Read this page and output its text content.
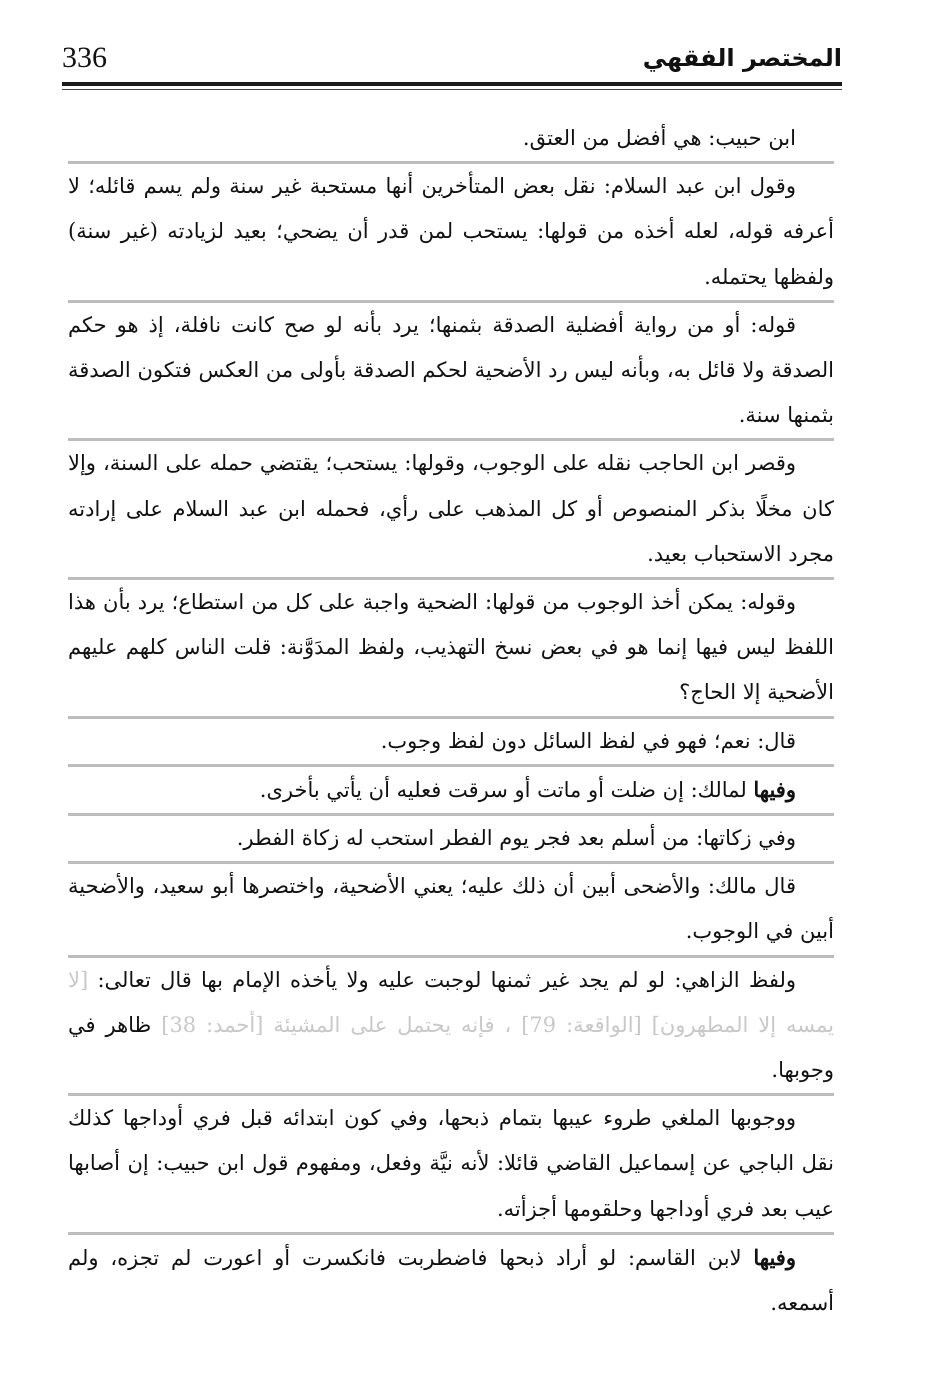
336	المختصر الفقهي

ابن حبيب: هي أفضل من العتق.

وقول ابن عبد السلام: نقل بعض المتأخرين أنها مستحبة غير سنة ولم يسم قائله؛ لا أعرفه قوله، لعله أخذه من قولها: يستحب لمن قدر أن يضحي؛ بعيد لزيادته (غير سنة) ولفظها يحتمله.

قوله: أو من رواية أفضلية الصدقة بثمنها؛ يرد بأنه لو صح كانت نافلة، إذ هو حكم الصدقة ولا قائل به، وبأنه ليس رد الأضحية لحكم الصدقة بأولى من العكس فتكون الصدقة بثمنها سنة.

وقصر ابن الحاجب نقله على الوجوب، وقولها: يستحب؛ يقتضي حمله على السنة، وإلا كان مخلًا بذكر المنصوص أو كل المذهب على رأي، فحمله ابن عبد السلام على إرادته مجرد الاستحباب بعيد.

وقوله: يمكن أخذ الوجوب من قولها: الضحية واجبة على كل من استطاع؛ يرد بأن هذا اللفظ ليس فيها إنما هو في بعض نسخ التهذيب، ولفظ المدَوَّنة: قلت الناس كلهم عليهم الأضحية إلا الحاج؟

قال: نعم؛ فهو في لفظ السائل دون لفظ وجوب.

وفيها لمالك: إن ضلت أو ماتت أو سرقت فعليه أن يأتي بأخرى.

وفي زكاتها: من أسلم بعد فجر يوم الفطر استحب له زكاة الفطر.

قال مالك: والأضحى أبين أن ذلك عليه؛ يعني الأضحية، واختصرها أبو سعيد، والأضحية أبين في الوجوب.

ولفظ الزاهي: لو لم يجد غير ثمنها لوجبت عليه ولا يأخذه الإمام بها قال تعالى: [لا يمسه إلا المطهرون] [الواقعة: 79] ، فإنه يحتمل على المشيئة [أحمد: 38] ظاهر في وجوبها.

ووجوبها الملغي طروء عيبها بتمام ذبحها، وفي كون ابتدائه قبل فري أوداجها كذلك نقل الباجي عن إسماعيل القاضي قائلا: لأنه نيَّة وفعل، ومفهوم قول ابن حبيب: إن أصابها عيب بعد فري أوداجها وحلقومها أجزأته.

وفيها لابن القاسم: لو أراد ذبحها فاضطربت فانكسرت أو اعورت لم تجزه، ولم أسمعه.
